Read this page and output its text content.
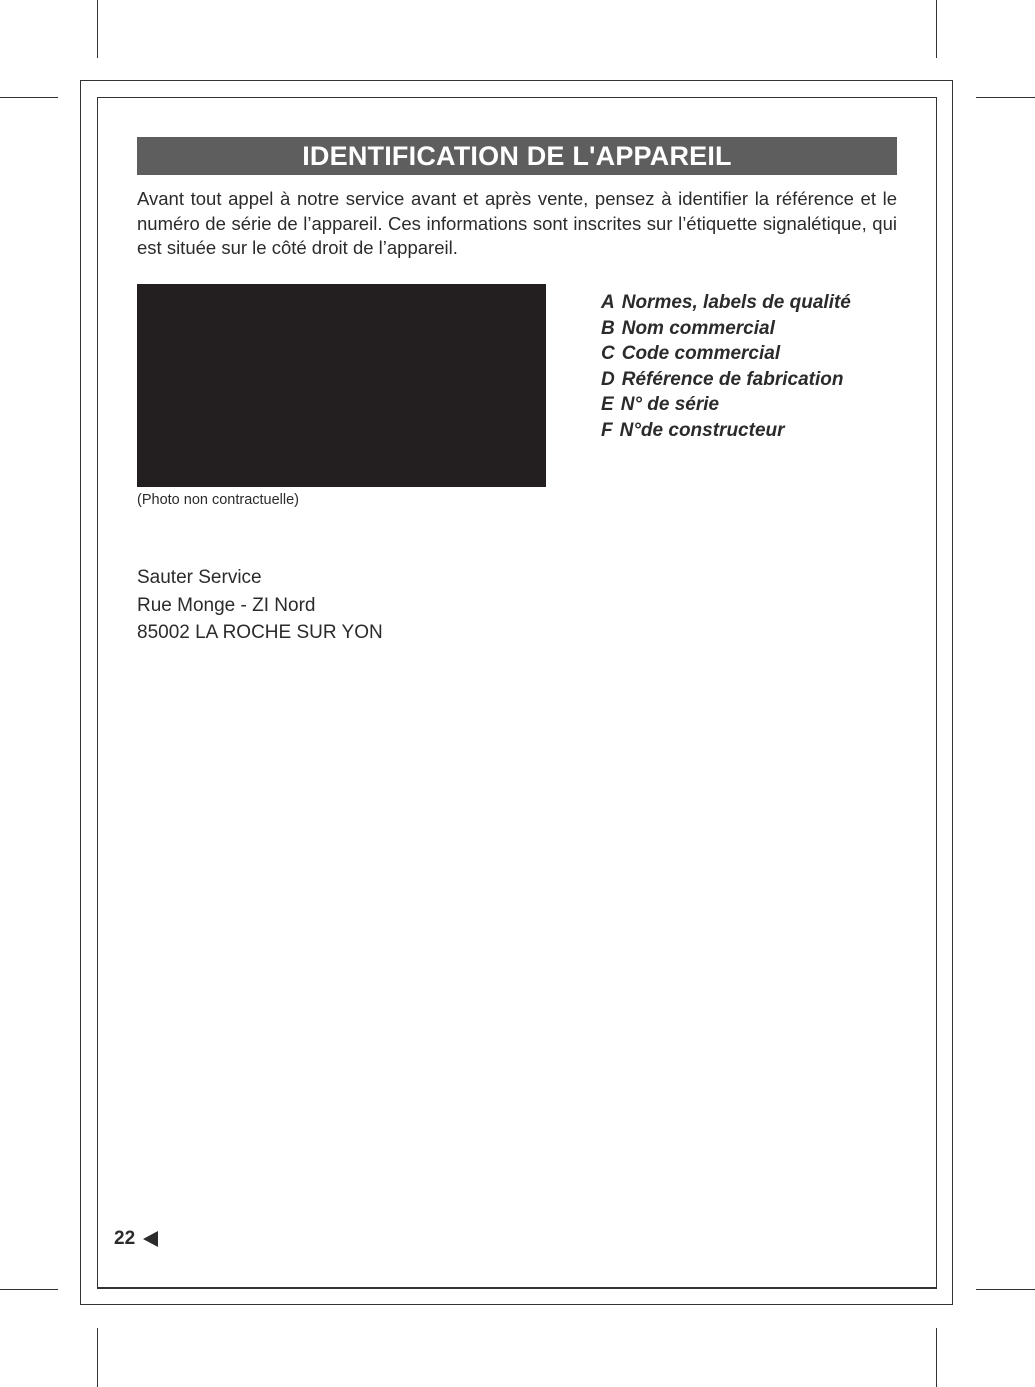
IDENTIFICATION DE L'APPAREIL

Avant tout appel à notre service avant et après vente, pensez à identifier la référence et le numéro de série de l’appareil. Ces informations sont inscrites sur l’étiquette signalétique, qui est située sur le côté droit de l’appareil.

(Photo non contractuelle)
A Normes, labels de qualité
B Nom commercial
C Code commercial
D Référence de fabrication
E N° de série
F N°de constructeur
Sauter Service
Rue Monge - ZI Nord
85002 LA ROCHE SUR YON
22
